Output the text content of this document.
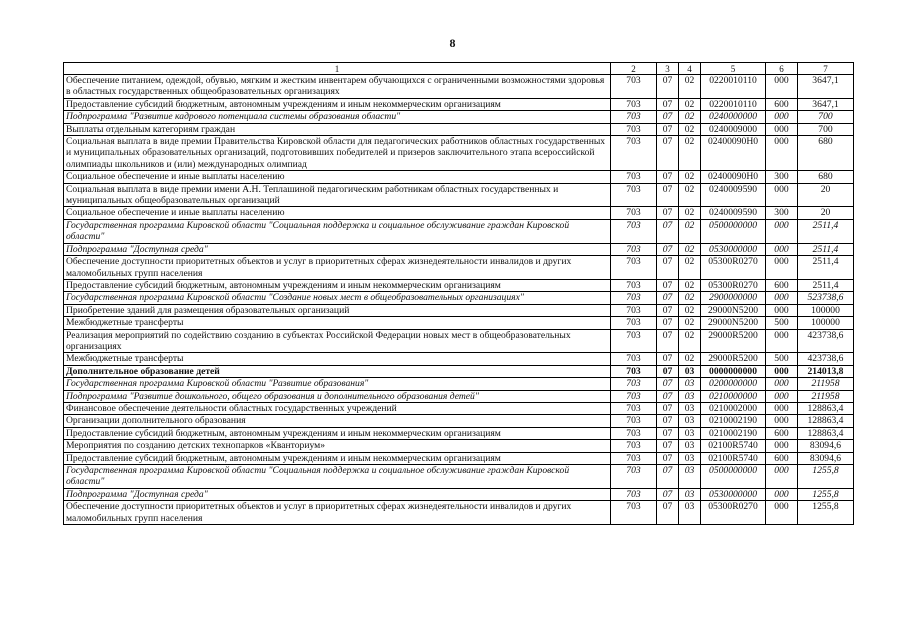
8
1	2	3	4	5	6	7
Обеспечение питанием, одеждой, обувью, мягким и жестким инвентарем обучающихся с ограниченными возможностями здоровья в областных государственных общеобразовательных организациях	703	07	02	0220010110	000	3647,1
Предоставление субсидий бюджетным, автономным учреждениям и иным некоммерческим организациям	703	07	02	0220010110	600	3647,1
Подпрограмма "Развитие кадрового потенциала системы образования области"	703	07	02	0240000000	000	700
Выплаты отдельным категориям граждан	703	07	02	0240009000	000	700
Социальная выплата в виде премии Правительства Кировской области для педагогических работников областных государственных и муниципальных образовательных организаций, подготовивших победителей и призеров заключительного этапа всероссийской олимпиады школьников и (или) международных олимпиад	703	07	02	02400090Н0	000	680
Социальное обеспечение и иные выплаты населению	703	07	02	02400090Н0	300	680
Социальная выплата в виде премии имени А.Н. Теплашиной педагогическим работникам областных государственных и муниципальных общеобразовательных организаций	703	07	02	0240009590	000	20
Социальное обеспечение и иные выплаты населению	703	07	02	0240009590	300	20
Государственная программа Кировской области "Социальная поддержка и социальное обслуживание граждан Кировской области"	703	07	02	0500000000	000	2511,4
Подпрограмма "Доступная среда"	703	07	02	0530000000	000	2511,4
Обеспечение доступности приоритетных объектов и услуг в приоритетных сферах жизнедеятельности инвалидов и других маломобильных групп населения	703	07	02	05300R0270	000	2511,4
Предоставление субсидий бюджетным, автономным учреждениям и иным некоммерческим организациям	703	07	02	05300R0270	600	2511,4
Государственная программа Кировской области "Создание новых мест в общеобразовательных организациях"	703	07	02	2900000000	000	523738,6
Приобретение зданий для размещения образовательных организаций	703	07	02	29000N5200	000	100000
Межбюджетные трансферты	703	07	02	29000N5200	500	100000
Реализация мероприятий по содействию созданию в субъектах Российской Федерации новых мест в общеобразовательных организациях	703	07	02	29000R5200	000	423738,6
Межбюджетные трансферты	703	07	02	29000R5200	500	423738,6
Дополнительное образование детей	703	07	03	0000000000	000	214013,8
Государственная программа Кировской области "Развитие образования"	703	07	03	0200000000	000	211958
Подпрограмма "Развитие дошкольного, общего образования и дополнительного образования детей"	703	07	03	0210000000	000	211958
Финансовое обеспечение деятельности областных государственных учреждений	703	07	03	0210002000	000	128863,4
Организации дополнительного образования	703	07	03	0210002190	000	128863,4
Предоставление субсидий бюджетным, автономным учреждениям и иным некоммерческим организациям	703	07	03	0210002190	600	128863,4
Мероприятия по созданию детских технопарков «Кванториум»	703	07	03	02100R5740	000	83094,6
Предоставление субсидий бюджетным, автономным учреждениям и иным некоммерческим организациям	703	07	03	02100R5740	600	83094,6
Государственная программа Кировской области "Социальная поддержка и социальное обслуживание граждан Кировской области"	703	07	03	0500000000	000	1255,8
Подпрограмма "Доступная среда"	703	07	03	0530000000	000	1255,8
Обеспечение доступности приоритетных объектов и услуг в приоритетных сферах жизнедеятельности инвалидов и других маломобильных групп населения	703	07	03	05300R0270	000	1255,8
